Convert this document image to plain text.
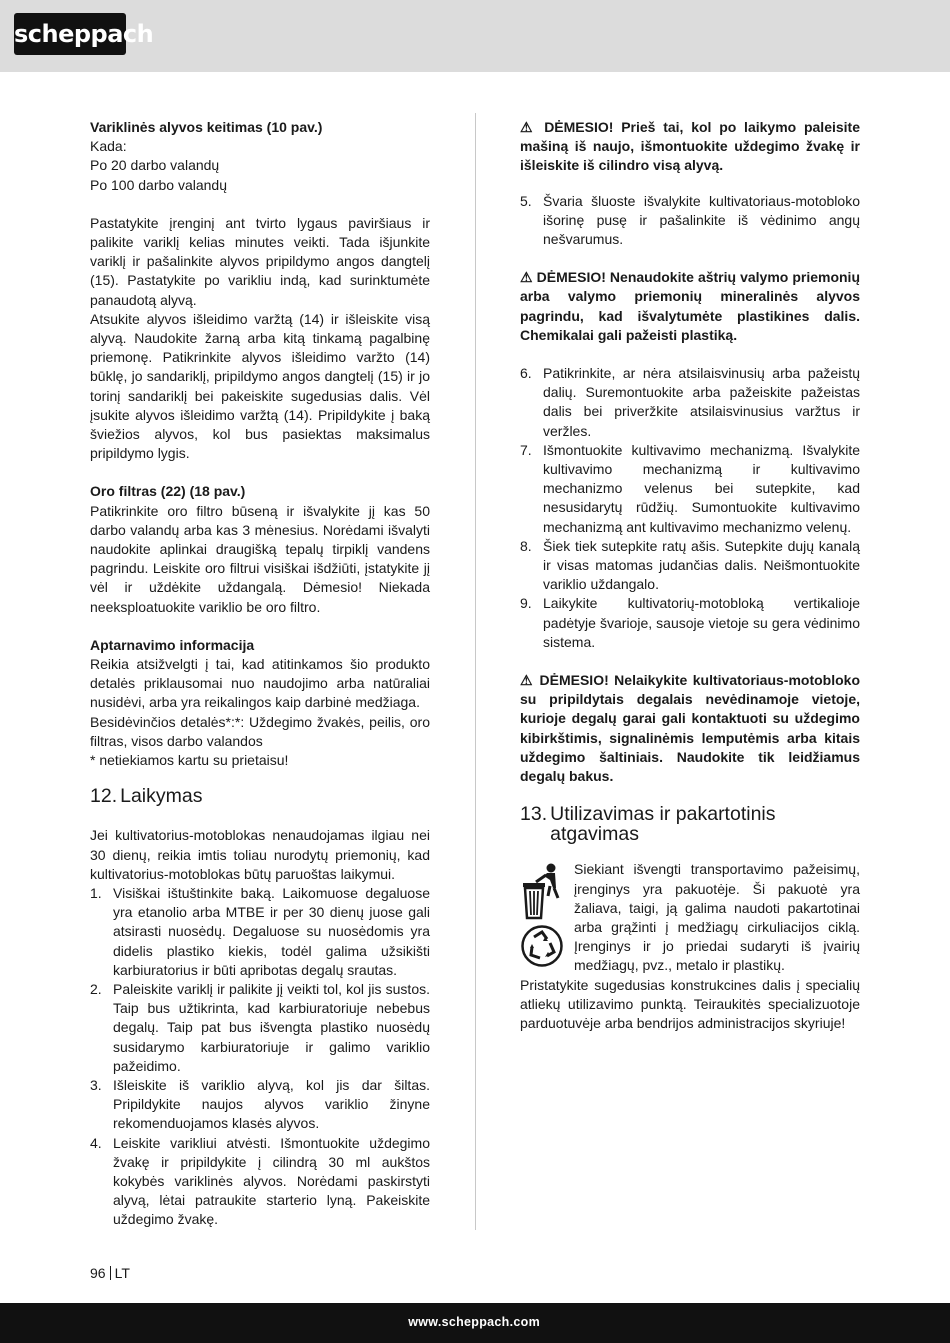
scheppach

Variklinės alyvos keitimas (10 pav.)

Kada:

Po 20 darbo valandų

Po 100 darbo valandų

Pastatykite įrenginį ant tvirto lygaus paviršiaus ir palikite variklį kelias minutes veikti. Tada išjunkite variklį ir pašalinkite alyvos pripildymo angos dangtelį (15). Pastatykite po varikliu indą, kad surinktumėte panaudotą alyvą.

Atsukite alyvos išleidimo varžtą (14) ir išleiskite visą alyvą. Naudokite žarną arba kitą tinkamą pagalbinę priemonę. Patikrinkite alyvos išleidimo varžto (14) būklę, jo sandariklį, pripildymo angos dangtelį (15) ir jo torinį sandariklį bei pakeiskite sugedusias dalis. Vėl įsukite alyvos išleidimo varžtą (14). Pripildykite į baką šviežios alyvos, kol bus pasiektas maksimalus pripildymo lygis.

Oro filtras (22) (18 pav.)

Patikrinkite oro filtro būseną ir išvalykite jį kas 50 darbo valandų arba kas 3 mėnesius. Norėdami išvalyti naudokite aplinkai draugišką tepalų tirpiklį vandens pagrindu. Leiskite oro filtrui visiškai išdžiūti, įstatykite jį vėl ir uždėkite uždangalą. Dėmesio! Niekada neeksploatuokite variklio be oro filtro.

Aptarnavimo informacija

Reikia atsižvelgti į tai, kad atitinkamos šio produkto detalės priklausomai nuo naudojimo arba natūraliai nusidėvi, arba yra reikalingos kaip darbinė medžiaga.

Besidėvinčios detalės*:*: Uždegimo žvakės, peilis, oro filtras, visos darbo valandos

* netiekiamos kartu su prietaisu!

12. Laikymas

Jei kultivatorius-motoblokas nenaudojamas ilgiau nei 30 dienų, reikia imtis toliau nurodytų priemonių, kad kultivatorius-motoblokas būtų paruoštas laikymui.

1. Visiškai ištuštinkite baką. Laikomuose degaluose yra etanolio arba MTBE ir per 30 dienų juose gali atsirasti nuosėdų. Degaluose su nuosėdomis yra didelis plastiko kiekis, todėl galima užsikišti karbiuratorius ir būti apribotas degalų srautas.
2. Paleiskite variklį ir palikite jį veikti tol, kol jis sustos. Taip bus užtikrinta, kad karbiuratoriuje nebebus degalų. Taip pat bus išvengta plastiko nuosėdų susidarymo karbiuratoriuje ir galimo variklio pažeidimo.
3. Išleiskite iš variklio alyvą, kol jis dar šiltas. Pripildykite naujos alyvos variklio žinyne rekomenduojamos klasės alyvos.
4. Leiskite varikliui atvėsti. Išmontuokite uždegimo žvakę ir pripildykite į cilindrą 30 ml aukštos kokybės variklinės alyvos. Norėdami paskirstyti alyvą, lėtai patraukite starterio lyną. Pakeiskite uždegimo žvakę.

⚠ DĖMESIO! Prieš tai, kol po laikymo paleisite mašiną iš naujo, išmontuokite uždegimo žvakę ir išleiskite iš cilindro visą alyvą.

5. Švaria šluoste išvalykite kultivatoriaus-motobloko išorinę pusę ir pašalinkite iš vėdinimo angų nešvarumus.

⚠ DĖMESIO! Nenaudokite aštrių valymo priemonių arba valymo priemonių mineralinės alyvos pagrindu, kad išvalytumėte plastikines dalis. Chemikalai gali pažeisti plastiką.

6. Patikrinkite, ar nėra atsilaisvinusių arba pažeistų dalių. Suremontuokite arba pažeiskite pažeistas dalis bei priveržkite atsilaisvinusius varžtus ir veržles.
7. Išmontuokite kultivavimo mechanizmą. Išvalykite kultivavimo mechanizmą ir kultivavimo mechanizmo velenus bei sutepkite, kad nesusidarytų rūdžių. Sumontuokite kultivavimo mechanizmą ant kultivavimo mechanizmo velenų.
8. Šiek tiek sutepkite ratų ašis. Sutepkite dujų kanalą ir visas matomas judančias dalis. Neišmontuokite variklio uždangalo.
9. Laikykite kultivatorių-motobloką vertikalioje padėtyje švarioje, sausoje vietoje su gera vėdinimo sistema.

⚠ DĖMESIO! Nelaikykite kultivatoriaus-motobloko su pripildytais degalais nevėdinamoje vietoje, kurioje degalų garai gali kontaktuoti su uždegimo kibirkštimis, signalinėmis lemputėmis arba kitais uždegimo šaltiniais. Naudokite tik leidžiamus degalų bakus.

13. Utilizavimas ir pakartotinis
atgavimas

Siekiant išvengti transportavimo pažeisimų, įrenginys yra pakuotėje. Ši pakuotė yra žaliava, taigi, ją galima naudoti pakartotinai arba grąžinti į medžiagų cirkuliacijos ciklą. Įrenginys ir jo priedai sudaryti iš įvairių medžiagų, pvz., metalo ir plastikų.

Pristatykite sugedusias konstrukcines dalis į specialių atliekų utilizavimo punktą. Teiraukitės specializuotoje parduotuvėje arba bendrijos administracijos skyriuje!

96 LT
www.scheppach.com
